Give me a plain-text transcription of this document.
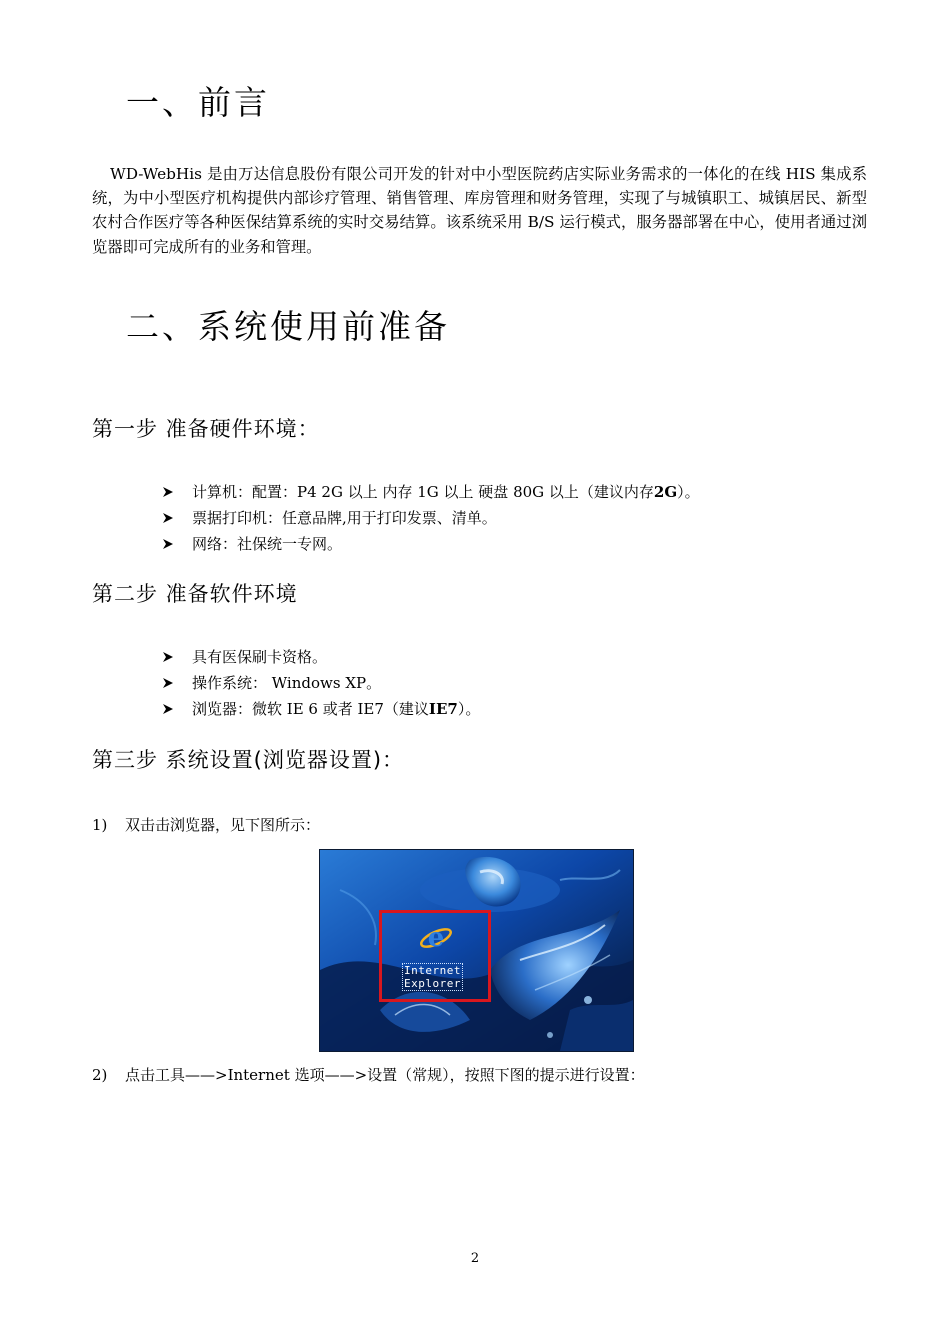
一、前言

WD-WebHis 是由万达信息股份有限公司开发的针对中小型医院药店实际业务需求的一体化的在线 HIS 集成系统，为中小型医疗机构提供内部诊疗管理、销售管理、库房管理和财务管理，实现了与城镇职工、城镇居民、新型农村合作医疗等各种医保结算系统的实时交易结算。该系统采用 B/S 运行模式，服务器部署在中心，使用者通过浏览器即可完成所有的业务和管理。

二、系统使用前准备
第一步 准备硬件环境：
计算机：配置：P4 2G 以上 内存 1G 以上 硬盘 80G 以上（建议内存 2G ）。
票据打印机：任意品牌,用于打印发票、清单。
网络：社保统一专网。
第二步 准备软件环境
具有医保刷卡资格。
操作系统： Windows XP。
浏览器：微软 IE 6 或者 IE7（建议 IE7 ）。
第三步 系统设置(浏览器设置)：
1) 双击击浏览器，见下图所示：
e
Internet
Explorer
2) 点击工具——>Internet 选项——>设置（常规），按照下图的提示进行设置：
2
